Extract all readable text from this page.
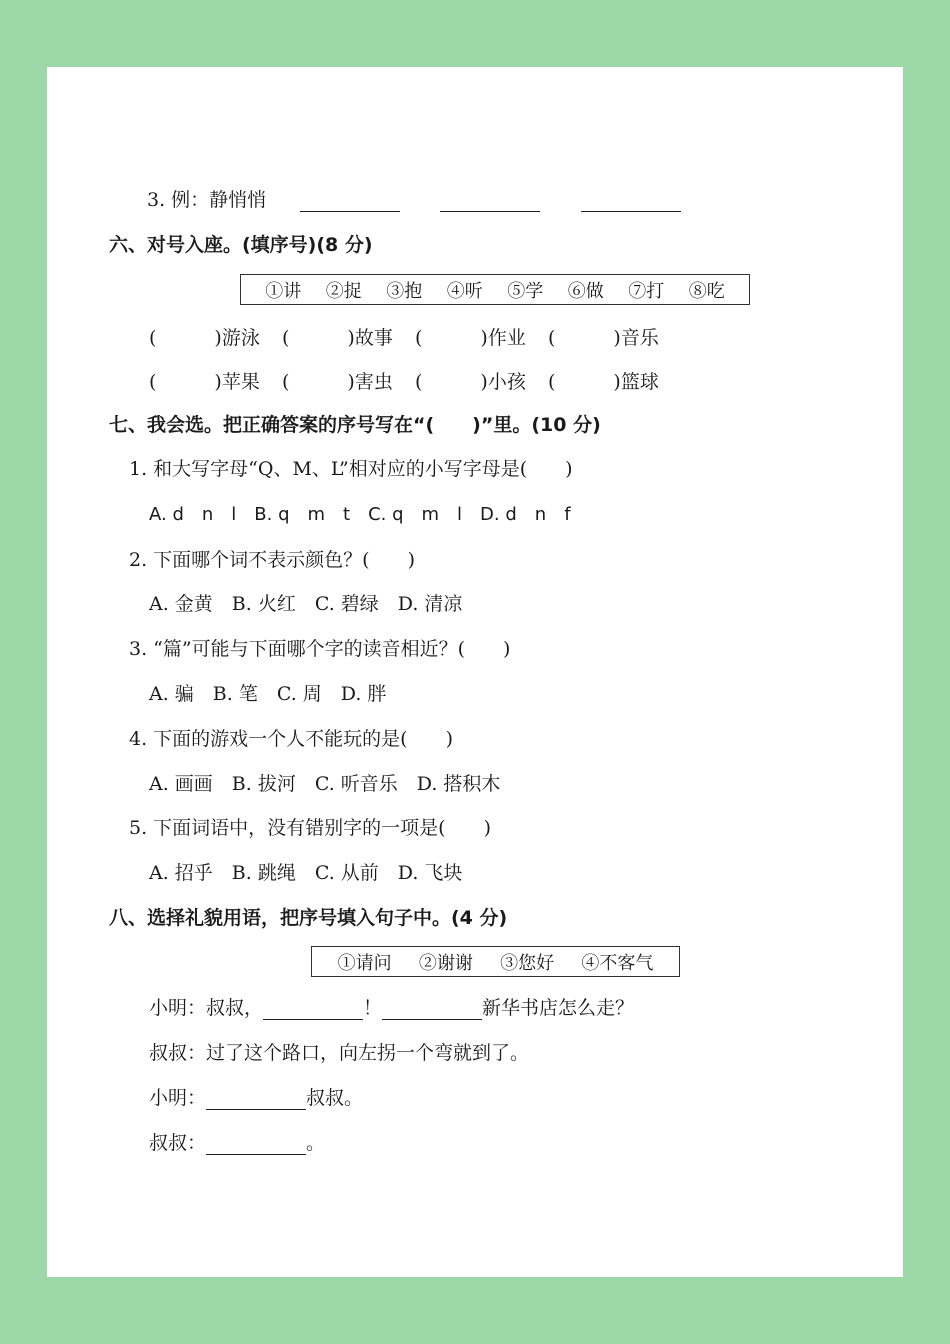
3. 例：静悄悄
六、对号入座。(填序号)(8 分)
①讲 ②捉 ③抱 ④听 ⑤学 ⑥做 ⑦打 ⑧吃
(	)游泳 (	)故事 (	)作业 (	)音乐
(	)苹果 (	)害虫 (	)小孩 (	)篮球
七、我会选。把正确答案的序号写在“(　　)”里。(10 分)
1. 和大写字母“Q、M、L”相对应的小写字母是(　　)
A. d　n　l　B. q　m　t　C. q　m　l　D. d　n　f
2. 下面哪个词不表示颜色？(　　)
A. 金黄　B. 火红　C. 碧绿　D. 清凉
3. “篇”可能与下面哪个字的读音相近？(　　)
A. 骗　B. 笔　C. 周　D. 胖
4. 下面的游戏一个人不能玩的是(　　)
A. 画画　B. 拔河　C. 听音乐　D. 搭积木
5. 下面词语中，没有错别字的一项是(　　)
A. 招乎　B. 跳绳　C. 从前　D. 飞块
八、选择礼貌用语，把序号填入句子中。(4 分)
①请问 ②谢谢 ③您好 ④不客气
小明：叔叔，	！	新华书店怎么走？
叔叔：过了这个路口，向左拐一个弯就到了。
小明：	叔叔。
叔叔：	。
